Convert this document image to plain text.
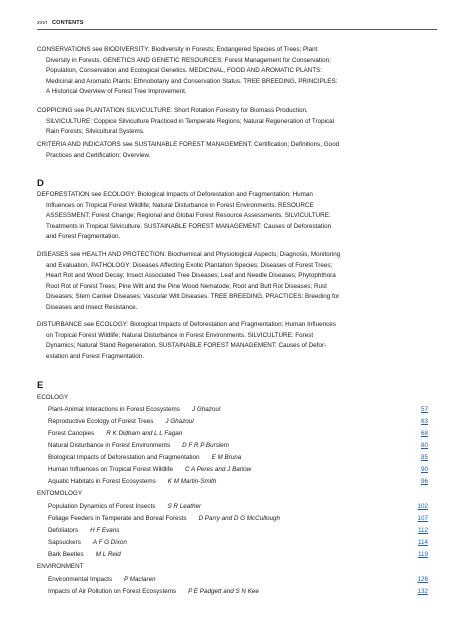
xxvi CONTENTS
CONSERVATIONS see BIODIVERSITY: Biodiversity in Forests; Endangered Species of Trees; Plant
Diversity in Forests. GENETICS AND GENETIC RESOURCES: Forest Management for Conservation;
Population, Conservation and Ecological Genetics. MEDICINAL, FOOD AND AROMATIC PLANTS:
Medicinal and Aromatic Plants: Ethnobotany and Conservation Status. TREE BREEDING, PRINCIPLES:
A Historical Overview of Forest Tree Improvement.
COPPICING see PLANTATION SILVICULTURE: Short Rotation Forestry for Biomass Production.
SILVICULTURE: Coppice Silviculture Practiced in Temperate Regions; Natural Regeneration of Tropical
Rain Forests; Silvicultural Systems.
CRITERIA AND INDICATORS see SUSTAINABLE FOREST MANAGEMENT: Certification; Definitions, Good
Practices and Certification; Overview.
D
DEFORESTATION see ECOLOGY: Biological Impacts of Deforestation and Fragmentation; Human
Influences on Tropical Forest Wildlife; Natural Disturbance in Forest Environments. RESOURCE
ASSESSMENT: Forest Change; Regional and Global Forest Resource Assessments. SILVICULTURE:
Treatments in Tropical Silviculture. SUSTAINABLE FOREST MANAGEMENT: Causes of Deforestation
and Forest Fragmentation.
DISEASES see HEALTH AND PROTECTION: Biochemical and Physiological Aspects; Diagnosis, Monitoring
and Evaluation. PATHOLOGY: Diseases Affecting Exotic Plantation Species; Diseases of Forest Trees;
Heart Rot and Wood Decay; Insect Associated Tree Diseases; Leaf and Needle Diseases; Phytophthora
Root Rot of Forest Trees; Pine Wilt and the Pine Wood Nematode; Root and Butt Rot Diseases; Rust
Diseases; Stem Canker Diseases; Vascular Wilt Diseases. TREE BREEDING, PRACTICES: Breeding for
Diseases and Insect Resistance.
DISTURBANCE see ECOLOGY: Biological Impacts of Deforestation and Fragmentation; Human Influences
on Tropical Forest Wildlife; Natural Disturbance in Forest Environments. SILVICULTURE: Forest
Dynamics; Natural Stand Regeneration. SUSTAINABLE FOREST MANAGEMENT: Causes of Defor-
estation and Forest Fragmentation.
E
ECOLOGY
Plant-Animal Interactions in Forest Ecosystems J Ghazoul	57
Reproductive Ecology of Forest Trees J Ghazoul	63
Forest Canopies R K Didham and L L Fagan	68
Natural Disturbance in Forest Environments D F R P Burslem	80
Biological Impacts of Deforestation and Fragmentation E M Bruna	85
Human Influences on Tropical Forest Wildlife C A Peres and J Barlow	90
Aquatic Habitats in Forest Ecosystems K M Martin-Smith	96
ENTOMOLOGY
Population Dynamics of Forest Insects S R Leather	102
Foliage Feeders in Temperate and Boreal Forests D Parry and D G McCullough	107
Defoliators H F Evans	112
Sapsuckers A F G Dixon	114
Bark Beetles M L Reid	119
ENVIRONMENT
Environmental Impacts P Maclaren	126
Impacts of Air Pollution on Forest Ecosystems P E Padgett and S N Kee	132
